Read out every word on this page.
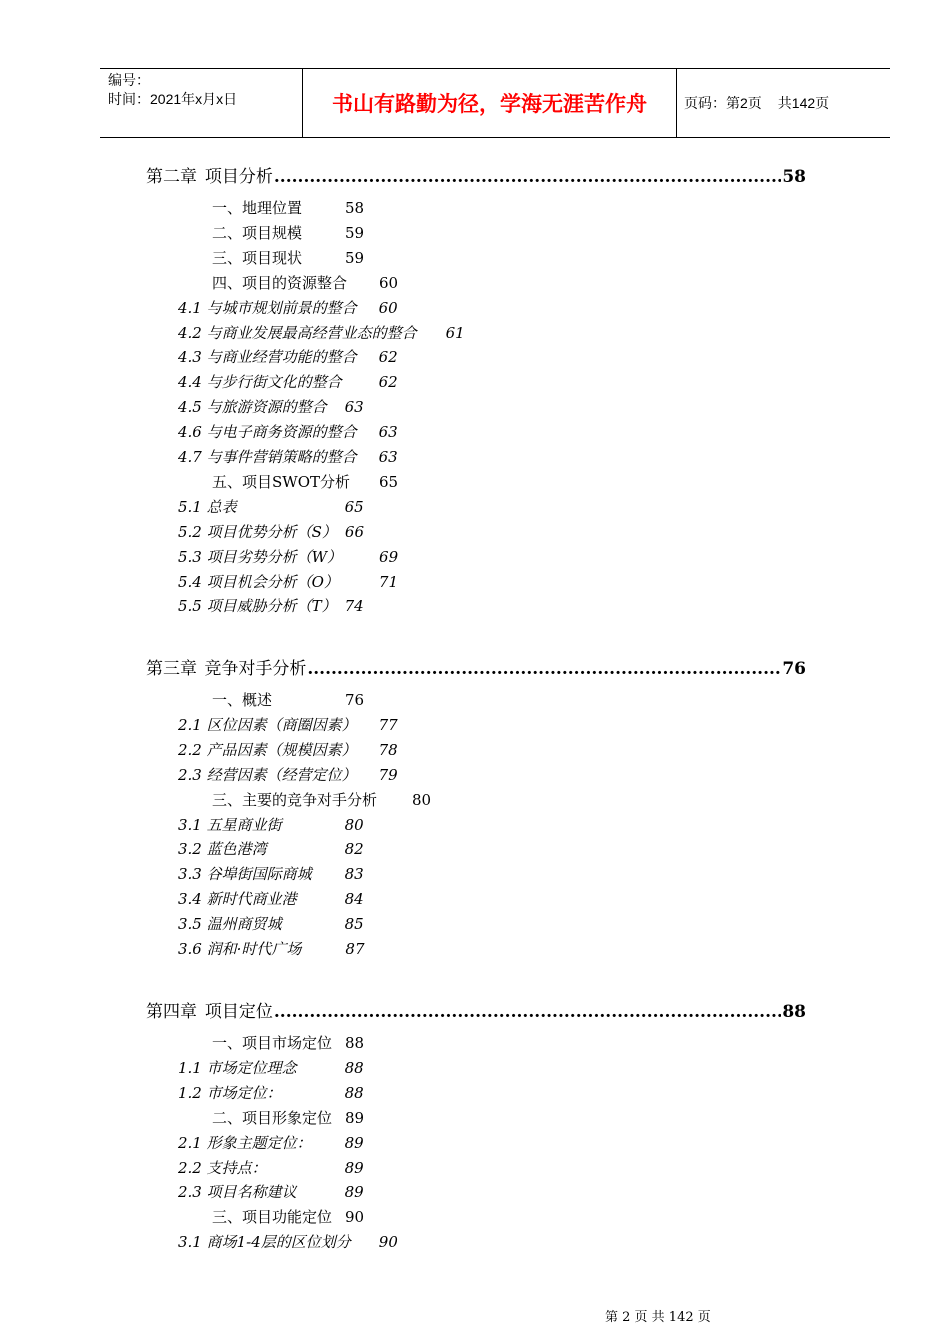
编号：
时间：2021年x月x日	书山有路勤为径，学海无涯苦作舟	页码：第2页 共142页
第二章 项目分析 .....	58
一、地理位置	58
二、项目规模	59
三、项目现状	59
四、项目的资源整合 60
4.1 与城市规划前景的整合 60
4.2 与商业发展最高经营业态的整合 61
4.3 与商业经营功能的整合 62
4.4 与步行街文化的整合 62
4.5 与旅游资源的整合 63
4.6 与电子商务资源的整合 63
4.7 与事件营销策略的整合 63
五、项目SWOT分析 65
5.1 总表	65
5.2 项目优势分析（S） 66
5.3 项目劣势分析（W） 69
5.4 项目机会分析（O）	71
5.5 项目威胁分析（T） 74
第三章 竞争对手分析 .....	76
一、概述	76
2.1 区位因素（商圈因素） 77
2.2 产品因素（规模因素） 78
2.3 经营因素（经营定位） 79
三、主要的竞争对手分析 80
3.1 五星商业街	80
3.2 蓝色港湾	82
3.3 谷埠街国际商城 83
3.4 新时代商业港	84
3.5 温州商贸城	85
3.6 润和·时代广场	87
第四章 项目定位 .....	88
一、项目市场定位 88
1.1 市场定位理念	88
1.2 市场定位：	88
二、项目形象定位 89
2.1 形象主题定位： 89
2.2 支持点：	89
2.3 项目名称建议	89
三、项目功能定位 90
3.1 商场1-4层的区位划分 90
第 2 页 共 142 页
